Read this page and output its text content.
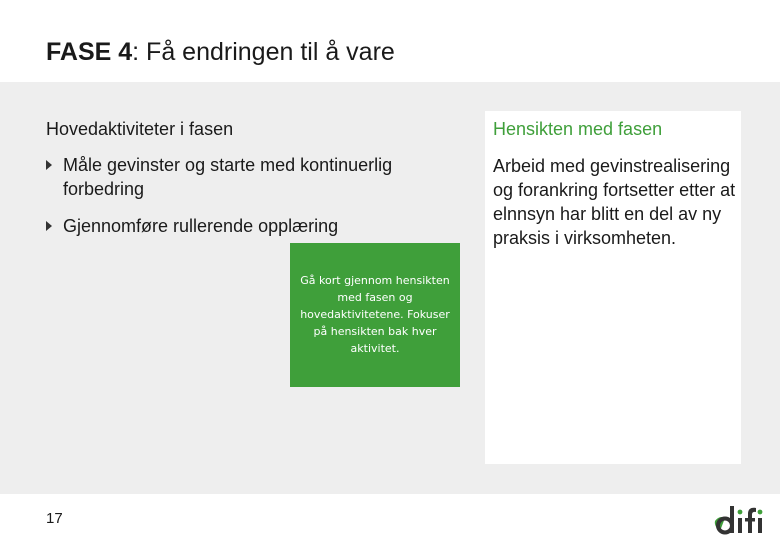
FASE 4: Få endringen til å vare
Hovedaktiviteter i fasen
Måle gevinster og starte med kontinuerlig forbedring
Gjennomføre rullerende opplæring
Gå kort gjennom hensikten med fasen og hovedaktivitetene. Fokuser på hensikten bak hver aktivitet.
Hensikten med fasen
Arbeid med gevinstrealisering og forankring fortsetter etter at elnnsyn har blitt en del av ny praksis i virksomheten.
17
